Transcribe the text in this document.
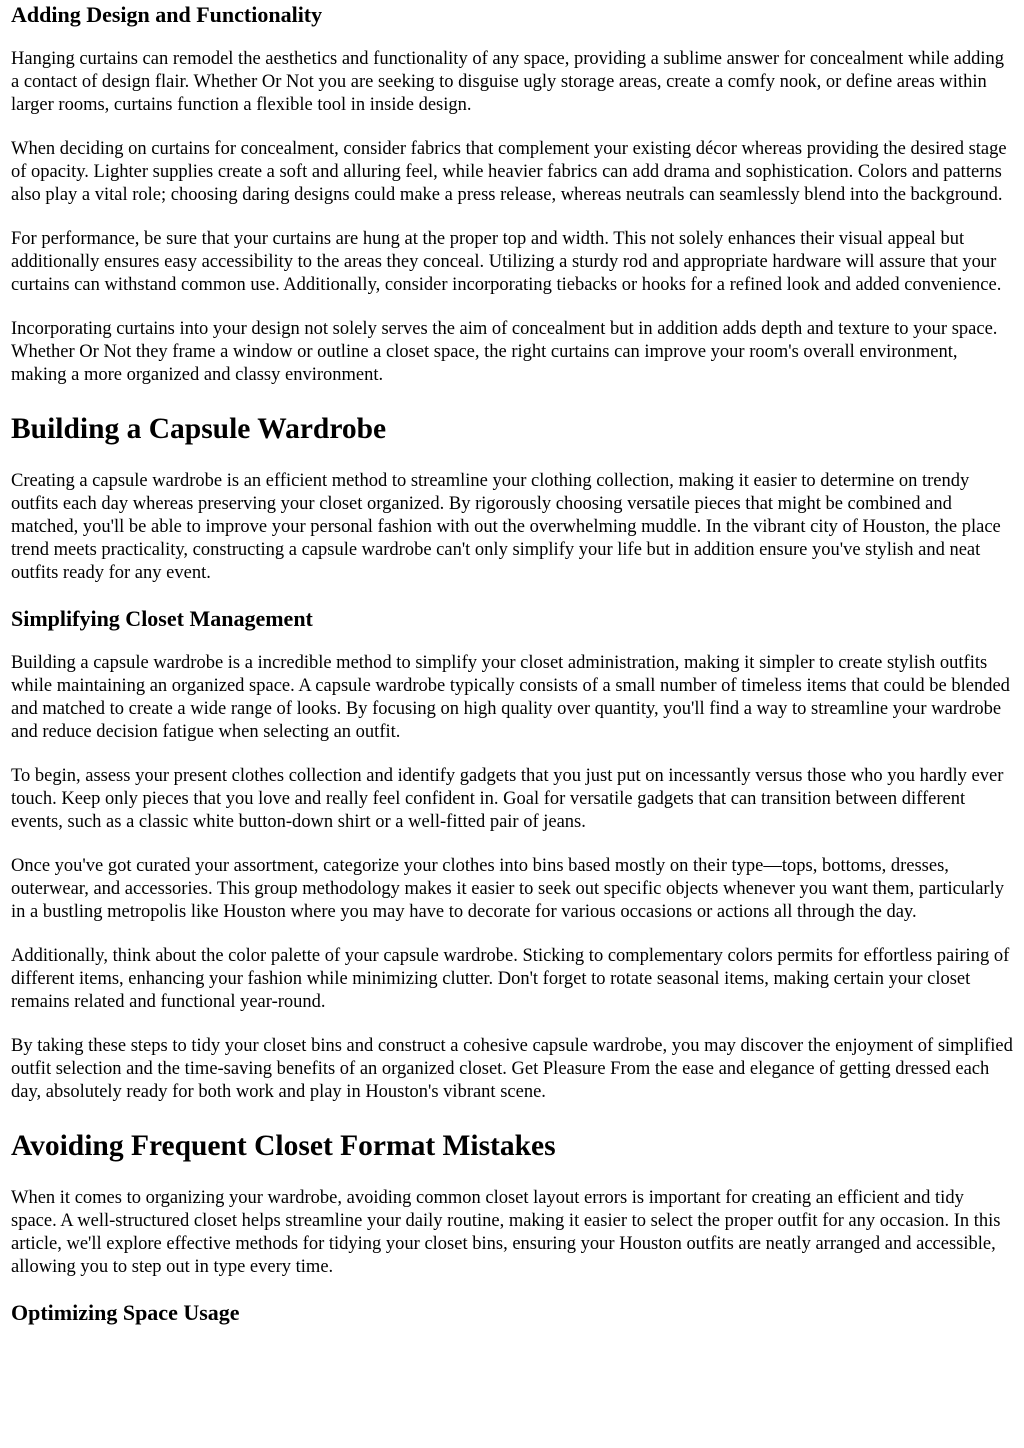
Adding Design and Functionality

Hanging curtains can remodel the aesthetics and functionality of any space, providing a sublime answer for concealment while adding a contact of design flair. Whether Or Not you are seeking to disguise ugly storage areas, create a comfy nook, or define areas within larger rooms, curtains function a flexible tool in inside design.

When deciding on curtains for concealment, consider fabrics that complement your existing décor whereas providing the desired stage of opacity. Lighter supplies create a soft and alluring feel, while heavier fabrics can add drama and sophistication. Colors and patterns also play a vital role; choosing daring designs could make a press release, whereas neutrals can seamlessly blend into the background.

For performance, be sure that your curtains are hung at the proper top and width. This not solely enhances their visual appeal but additionally ensures easy accessibility to the areas they conceal. Utilizing a sturdy rod and appropriate hardware will assure that your curtains can withstand common use. Additionally, consider incorporating tiebacks or hooks for a refined look and added convenience.

Incorporating curtains into your design not solely serves the aim of concealment but in addition adds depth and texture to your space. Whether Or Not they frame a window or outline a closet space, the right curtains can improve your room's overall environment, making a more organized and classy environment.

Building a Capsule Wardrobe

Creating a capsule wardrobe is an efficient method to streamline your clothing collection, making it easier to determine on trendy outfits each day whereas preserving your closet organized. By rigorously choosing versatile pieces that might be combined and matched, you'll be able to improve your personal fashion with out the overwhelming muddle. In the vibrant city of Houston, the place trend meets practicality, constructing a capsule wardrobe can't only simplify your life but in addition ensure you've stylish and neat outfits ready for any event.

Simplifying Closet Management

Building a capsule wardrobe is a incredible method to simplify your closet administration, making it simpler to create stylish outfits while maintaining an organized space. A capsule wardrobe typically consists of a small number of timeless items that could be blended and matched to create a wide range of looks. By focusing on high quality over quantity, you'll find a way to streamline your wardrobe and reduce decision fatigue when selecting an outfit.

To begin, assess your present clothes collection and identify gadgets that you just put on incessantly versus those who you hardly ever touch. Keep only pieces that you love and really feel confident in. Goal for versatile gadgets that can transition between different events, such as a classic white button-down shirt or a well-fitted pair of jeans.

Once you've got curated your assortment, categorize your clothes into bins based mostly on their type—tops, bottoms, dresses, outerwear, and accessories. This group methodology makes it easier to seek out specific objects whenever you want them, particularly in a bustling metropolis like Houston where you may have to decorate for various occasions or actions all through the day.

Additionally, think about the color palette of your capsule wardrobe. Sticking to complementary colors permits for effortless pairing of different items, enhancing your fashion while minimizing clutter. Don't forget to rotate seasonal items, making certain your closet remains related and functional year-round.

By taking these steps to tidy your closet bins and construct a cohesive capsule wardrobe, you may discover the enjoyment of simplified outfit selection and the time-saving benefits of an organized closet. Get Pleasure From the ease and elegance of getting dressed each day, absolutely ready for both work and play in Houston's vibrant scene.

Avoiding Frequent Closet Format Mistakes

When it comes to organizing your wardrobe, avoiding common closet layout errors is important for creating an efficient and tidy space. A well-structured closet helps streamline your daily routine, making it easier to select the proper outfit for any occasion. In this article, we'll explore effective methods for tidying your closet bins, ensuring your Houston outfits are neatly arranged and accessible, allowing you to step out in type every time.

Optimizing Space Usage
